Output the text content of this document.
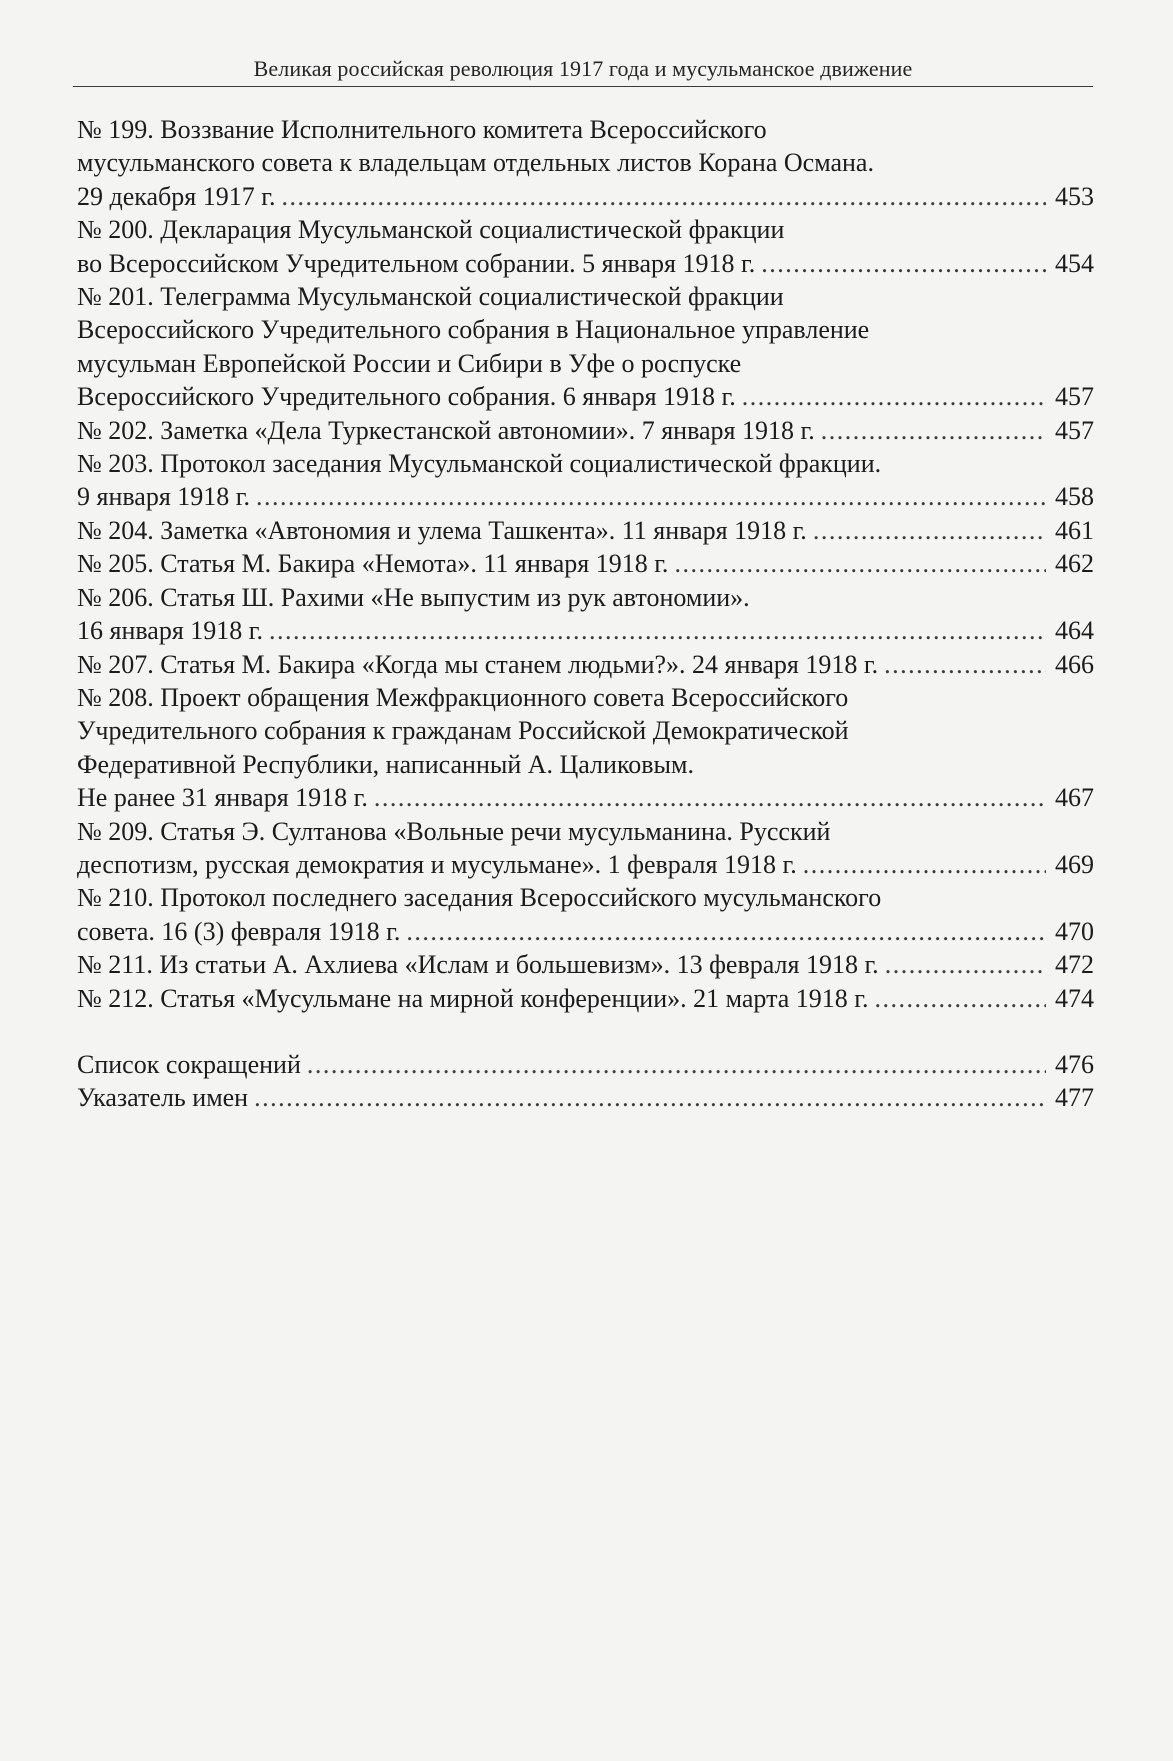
Великая российская революция 1917 года и мусульманское движение
№ 199. Воззвание Исполнительного комитета Всероссийского
мусульманского совета к владельцам отдельных листов Корана Османа.
29 декабря 1917 г. .....	453
№ 200. Декларация Мусульманской социалистической фракции
во Всероссийском Учредительном собрании. 5 января 1918 г. .....	454
№ 201. Телеграмма Мусульманской социалистической фракции
Всероссийского Учредительного собрания в Национальное управление
мусульман Европейской России и Сибири в Уфе о роспуске
Всероссийского Учредительного собрания. 6 января 1918 г. .....	457
№ 202. Заметка «Дела Туркестанской автономии». 7 января 1918 г. .....	457
№ 203. Протокол заседания Мусульманской социалистической фракции.
9 января 1918 г. .....	458
№ 204. Заметка «Автономия и улема Ташкента». 11 января 1918 г. .....	461
№ 205. Статья М. Бакира «Немота». 11 января 1918 г. .....	462
№ 206. Статья Ш. Рахими «Не выпустим из рук автономии».
16 января 1918 г. .....	464
№ 207. Статья М. Бакира «Когда мы станем людьми?». 24 января 1918 г. .....	466
№ 208. Проект обращения Межфракционного совета Всероссийского
Учредительного собрания к гражданам Российской Демократической
Федеративной Республики, написанный А. Цаликовым.
Не ранее 31 января 1918 г. .....	467
№ 209. Статья Э. Султанова «Вольные речи мусульманина. Русский
деспотизм, русская демократия и мусульмане». 1 февраля 1918 г. .....	469
№ 210. Протокол последнего заседания Всероссийского мусульманского
совета. 16 (3) февраля 1918 г. .....	470
№ 211. Из статьи А. Ахлиева «Ислам и большевизм». 13 февраля 1918 г. .....	472
№ 212. Статья «Мусульмане на мирной конференции». 21 марта 1918 г. .....	474
Список сокращений .....	476
Указатель имен .....	477
